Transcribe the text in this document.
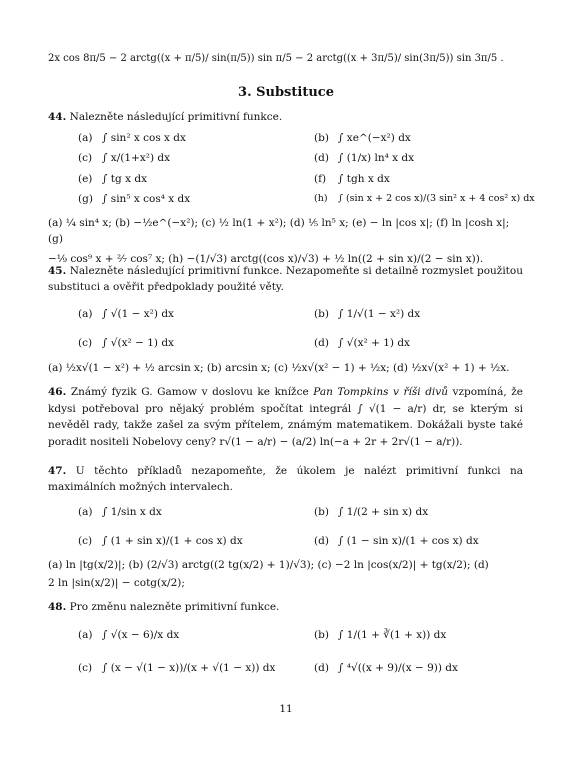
2x cos 8π/5 − 2 arctg((x + π/5)/ sin(π/5)) sin π/5 − 2 arctg((x + 3π/5)/ sin(3π/5)) sin 3π/5 .
3. Substituce
44. Nalezněte následující primitivní funkce.
(a) ∫ sin² x cos x dx	(b) ∫ xe^(−x²) dx
(c) ∫ x/(1+x²) dx	(d) ∫ (1/x) ln⁴ x dx
(e) ∫ tg x dx	(f) ∫ tgh x dx
(g) ∫ sin⁵ x cos⁴ x dx	(h) ∫ (sin x + 2 cos x)/(3 sin² x + 4 cos² x) dx
(a) ¼ sin⁴ x; (b) −½e^(−x²); (c) ½ ln(1 + x²); (d) ⅕ ln⁵ x; (e) − ln |cos x|; (f) ln |cosh x|; (g)
−⅑ cos⁹ x + ²⁄₇ cos⁷ x; (h) −(1/√3) arctg((cos x)/√3) + ½ ln((2 + sin x)/(2 − sin x)).
45. Nalezněte následující primitivní funkce. Nezapomeňte si detailně rozmyslet použitou substituci a ověřit předpoklady použité věty.
(a) ∫ √(1 − x²) dx	(b) ∫ 1/√(1 − x²) dx
(c) ∫ √(x² − 1) dx	(d) ∫ √(x² + 1) dx
(a) ½x√(1 − x²) + ½ arcsin x; (b) arcsin x; (c) ½x√(x² − 1) + ½x; (d) ½x√(x² + 1) + ½x.
46. Známý fyzik G. Gamow v doslovu ke knížce Pan Tompkins v říši divů vzpomíná, že kdysi potřeboval pro nějaký problém spočítat integrál ∫ √(1 − a/r) dr, se kterým si nevěděl rady, takže zašel za svým přítelem, známým matematikem. Dokážali byste také poradit nositeli Nobelovy ceny? r√(1 − a/r) − (a/2) ln(−a + 2r + 2r√(1 − a/r)).
47. U těchto příkladů nezapomeňte, že úkolem je nalézt primitivní funkci na maximálních možných intervalech.
(a) ∫ 1/sin x dx	(b) ∫ 1/(2 + sin x) dx
(c) ∫ (1 + sin x)/(1 + cos x) dx	(d) ∫ (1 − sin x)/(1 + cos x) dx
(a) ln |tg(x/2)|; (b) (2/√3) arctg((2 tg(x/2) + 1)/√3); (c) −2 ln |cos(x/2)| + tg(x/2); (d)
2 ln |sin(x/2)| − cotg(x/2);
48. Pro změnu nalezněte primitivní funkce.
(a) ∫ √(x − 6)/x dx	(b) ∫ 1/(1 + ∛(1 + x)) dx
(c) ∫ (x − √(1 − x))/(x + √(1 − x)) dx	(d) ∫ ⁴√((x + 9)/(x − 9)) dx
11
